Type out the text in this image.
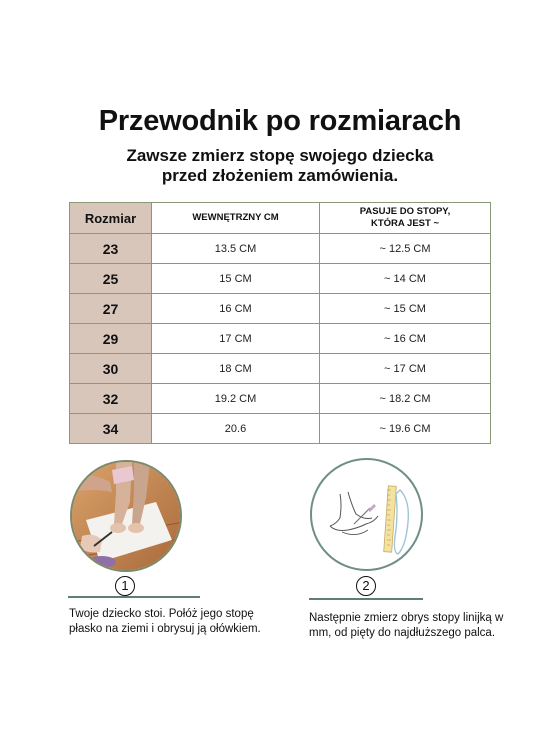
Przewodnik po rozmiarach
Zawsze zmierz stopę swojego dziecka
przed złożeniem zamówienia.
Rozmiar	WEWNĘTRZNY CM	PASUJE DO STOPY,
KTÓRA JEST ~

23	13.5 CM	~ 12.5 CM
25	15 CM	~ 14 CM
27	16 CM	~ 15 CM
29	17 CM	~ 16 CM
30	18 CM	~ 17 CM
32	19.2 CM	~ 18.2 CM
34	20.6	~ 19.6 CM
1	2
Twoje dziecko stoi. Połóż jego stopę
płasko na ziemi i obrysuj ją ołówkiem.
Następnie zmierz obrys stopy linijką w
mm, od pięty do najdłuższego palca.
